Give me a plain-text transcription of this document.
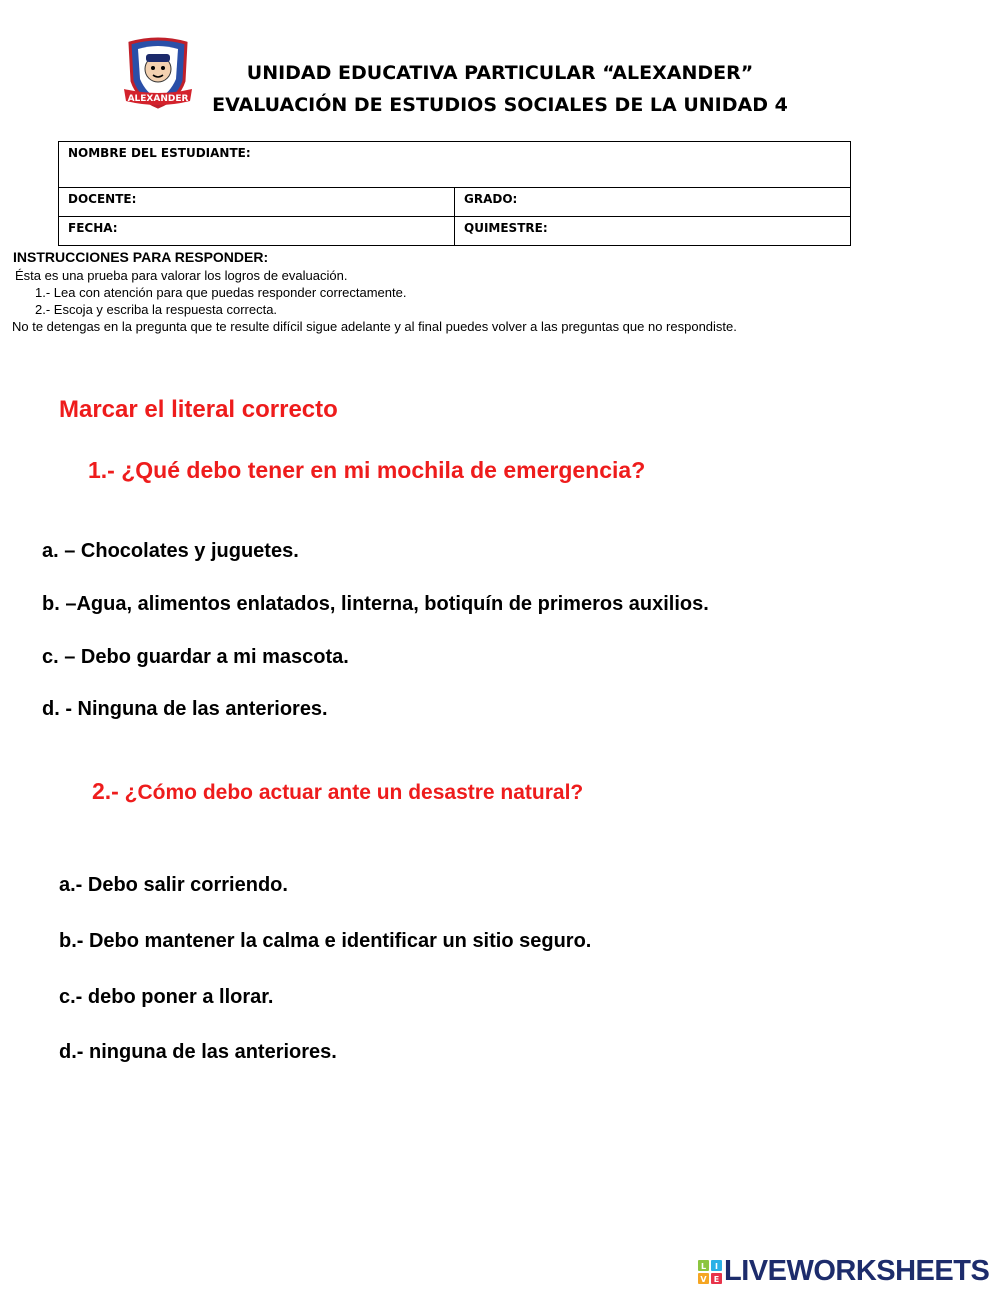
ALEXANDER
UNIDAD EDUCATIVA PARTICULAR “ALEXANDER”
EVALUACIÓN DE ESTUDIOS SOCIALES DE LA UNIDAD 4
NOMBRE DEL ESTUDIANTE:	
DOCENTE:	GRADO:
FECHA:	QUIMESTRE:
INSTRUCCIONES PARA RESPONDER:
Ésta es una prueba para valorar los logros de evaluación.
1.- Lea con atención para que puedas responder correctamente.
2.- Escoja y escriba la respuesta correcta.
No te detengas en la pregunta que te resulte difícil sigue adelante y al final puedes volver a las preguntas que no respondiste.
Marcar el literal correcto
1.- ¿Qué debo tener en mi mochila de emergencia?
a. – Chocolates y juguetes.
b. –Agua, alimentos enlatados, linterna, botiquín de primeros auxilios.
c. – Debo guardar a mi mascota.
d. - Ninguna de las anteriores.
2.- ¿Cómo debo actuar ante un desastre natural?
a.- Debo salir corriendo.
b.- Debo mantener la calma e identificar un sitio seguro.
c.- debo poner a llorar.
d.- ninguna de las anteriores.
L I
V E LIVEWORKSHEETS
